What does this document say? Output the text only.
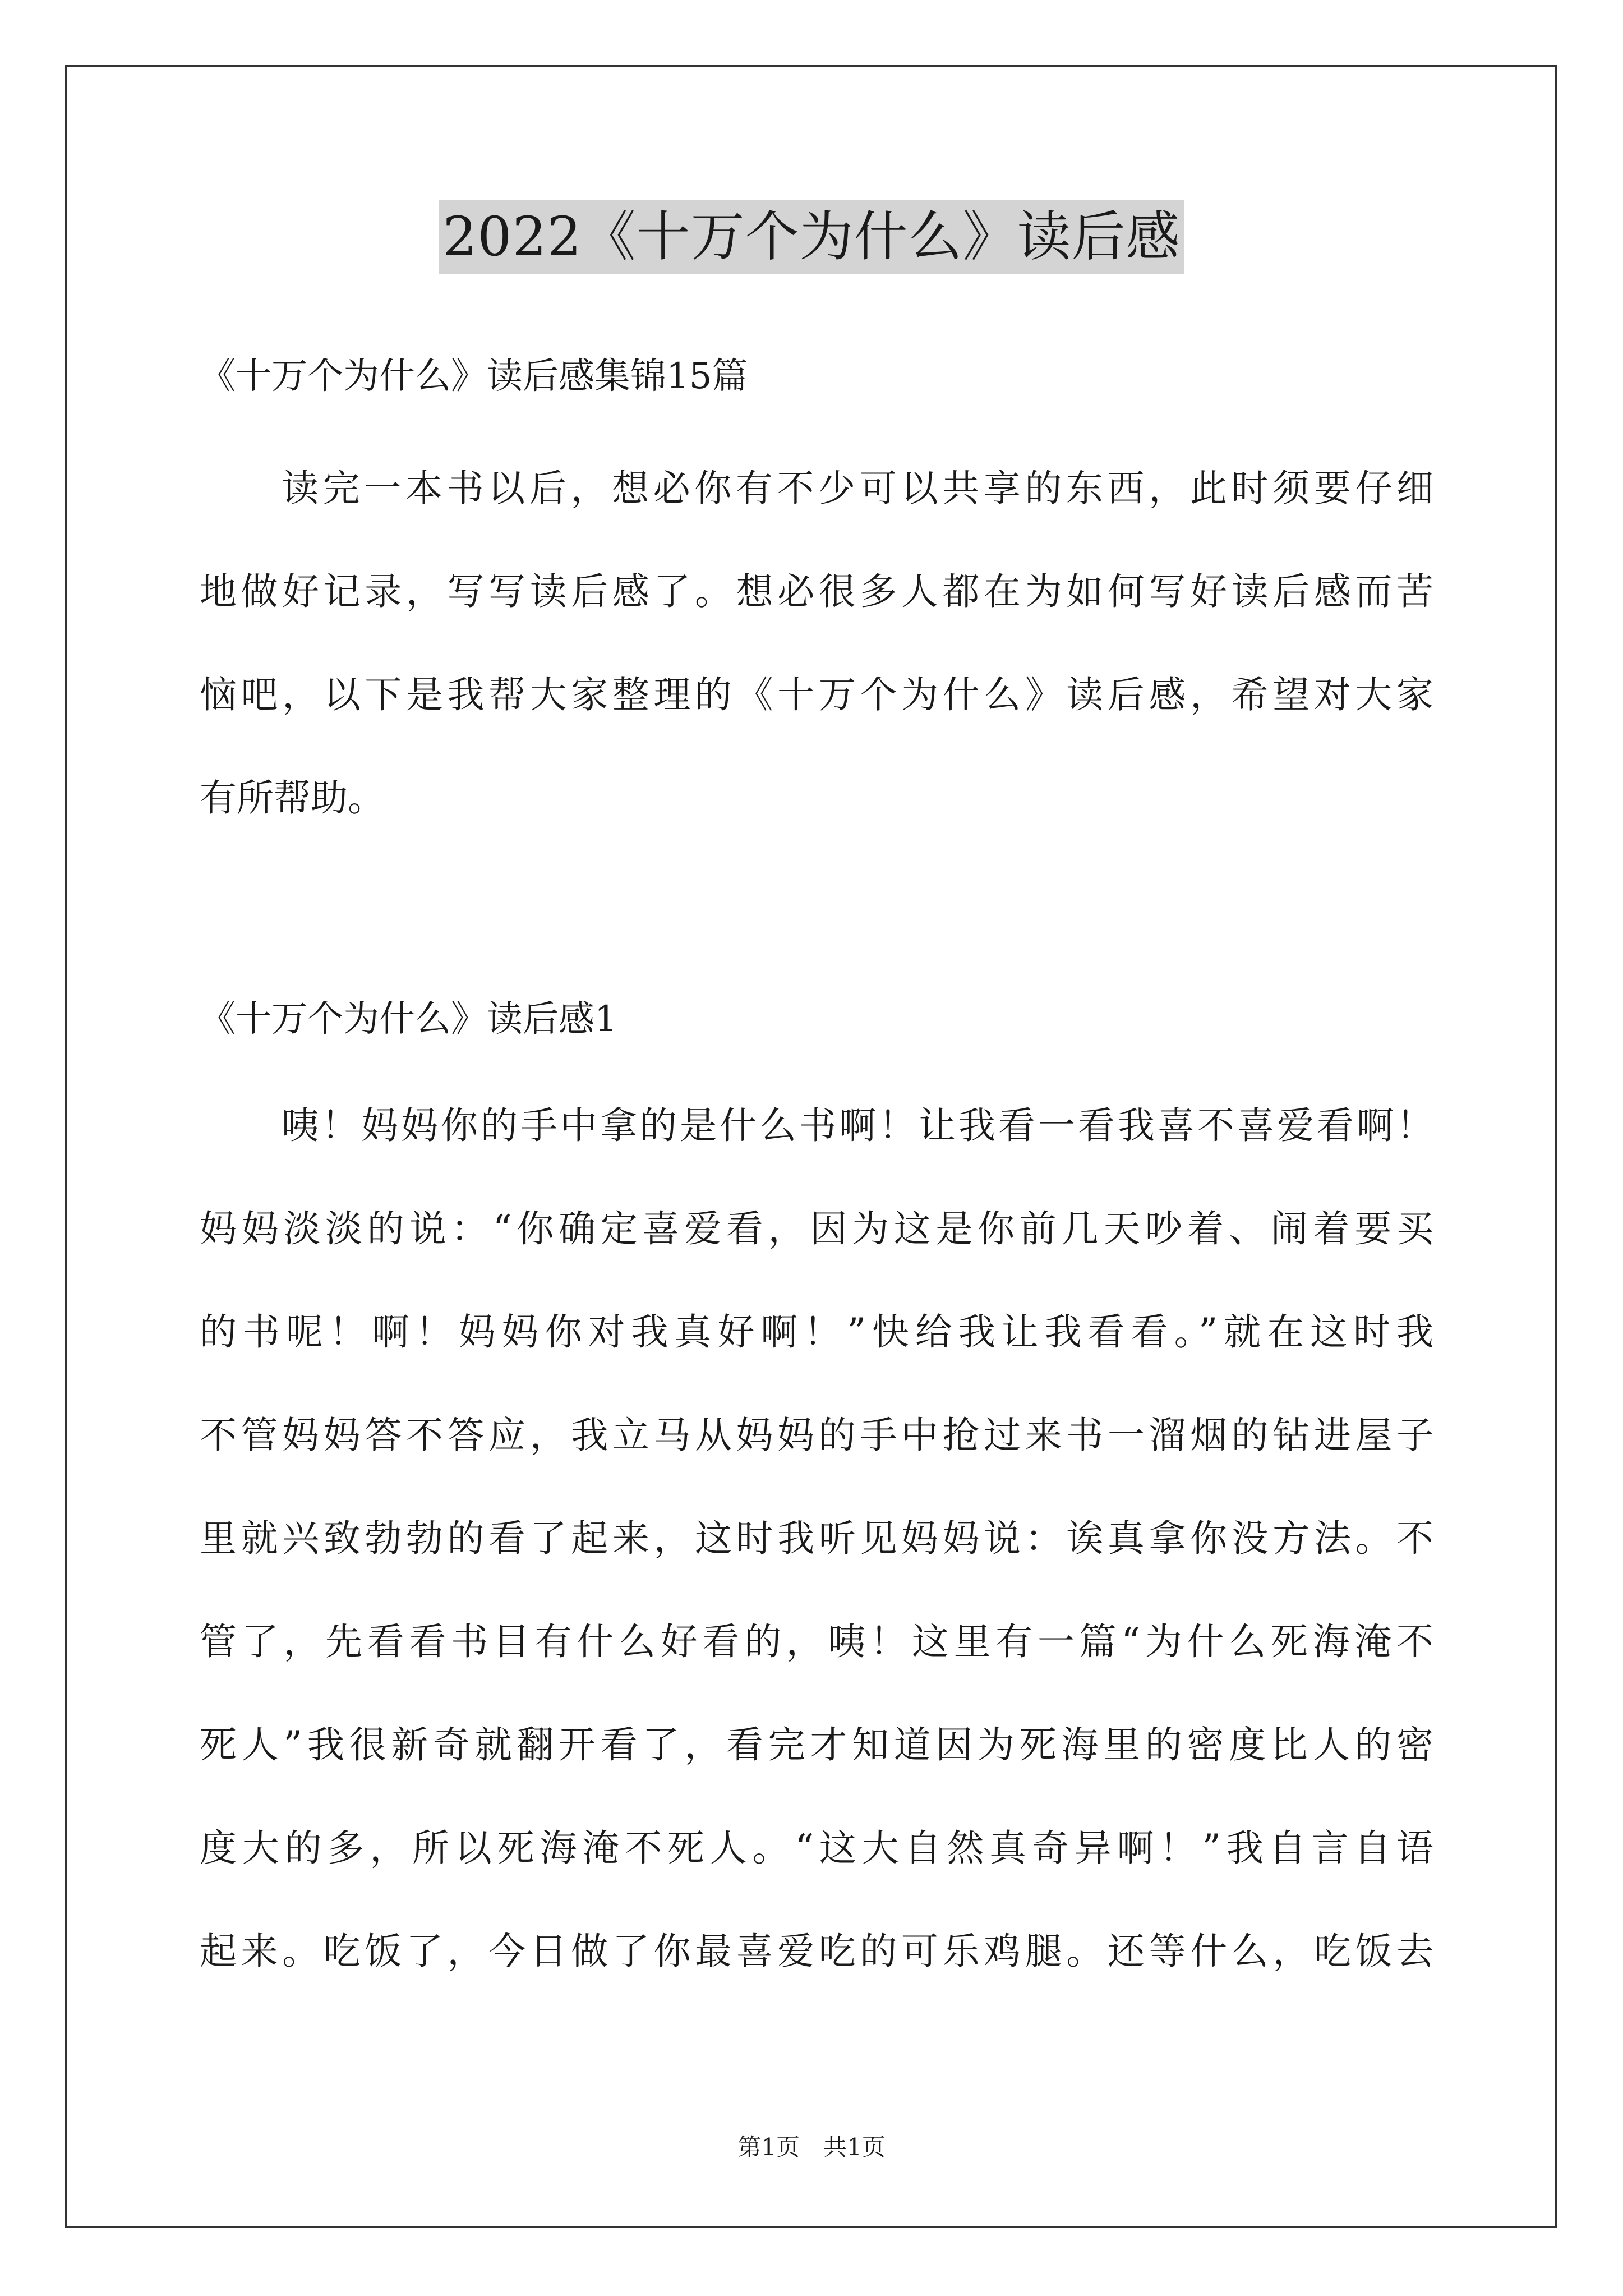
2022《十万个为什么》读后感
《十万个为什么》读后感集锦15篇
读完一本书以后，想必你有不少可以共享的东西，此时须要仔细
地做好记录，写写读后感了。想必很多人都在为如何写好读后感而苦
恼吧，以下是我帮大家整理的《十万个为什么》读后感，希望对大家
有所帮助。
《十万个为什么》读后感1
咦！妈妈你的手中拿的是什么书啊！让我看一看我喜不喜爱看啊！
妈妈淡淡的说：“你确定喜爱看，因为这是你前几天吵着、闹着要买
的书呢！啊！妈妈你对我真好啊！”快给我让我看看。”就在这时我
不管妈妈答不答应，我立马从妈妈的手中抢过来书一溜烟的钻进屋子
里就兴致勃勃的看了起来，这时我听见妈妈说：诶真拿你没方法。不
管了，先看看书目有什么好看的，咦！这里有一篇“为什么死海淹不
死人”我很新奇就翻开看了，看完才知道因为死海里的密度比人的密
度大的多，所以死海淹不死人。“这大自然真奇异啊！”我自言自语
起来。吃饭了，今日做了你最喜爱吃的可乐鸡腿。还等什么，吃饭去
第1页　共1页
